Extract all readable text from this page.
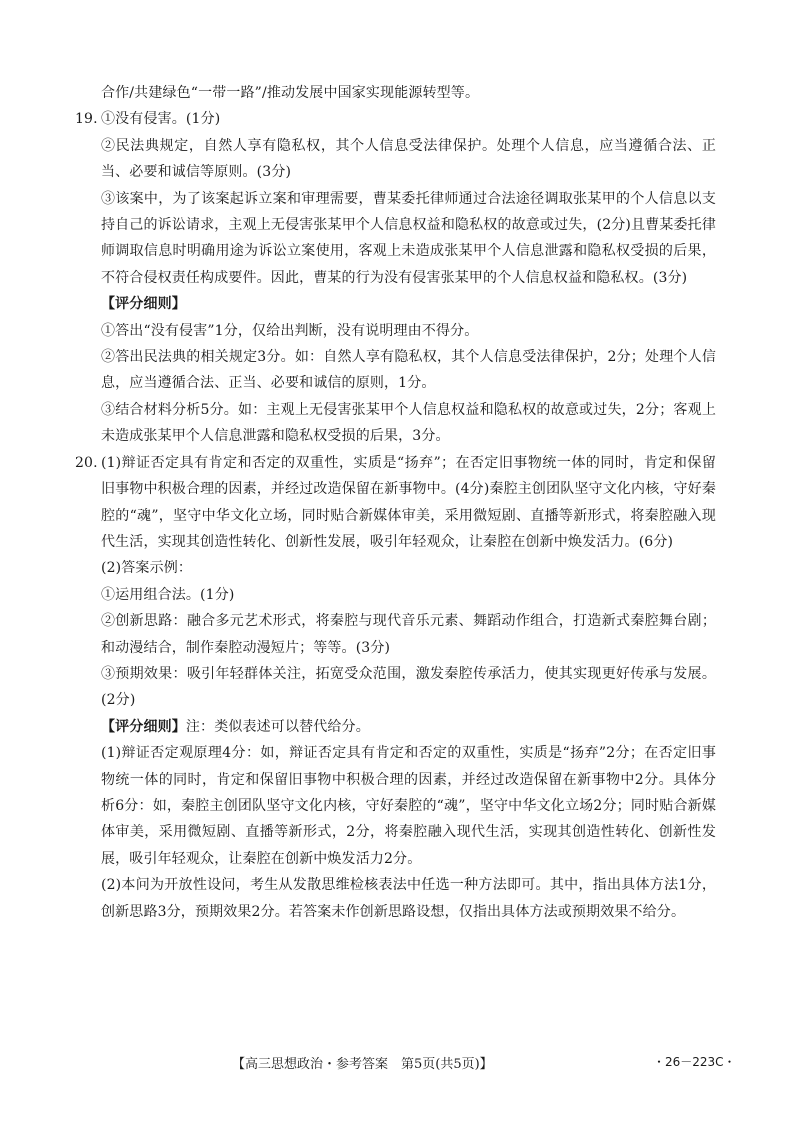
合作/共建绿色“一带一路”/推动发展中国家实现能源转型等。

19. ①没有侵害。(1分)

②民法典规定，自然人享有隐私权，其个人信息受法律保护。处理个人信息，应当遵循合法、正当、必要和诚信等原则。(3分)

③该案中，为了该案起诉立案和审理需要，曹某委托律师通过合法途径调取张某甲的个人信息以支持自己的诉讼请求，主观上无侵害张某甲个人信息权益和隐私权的故意或过失，(2分)且曹某委托律师调取信息时明确用途为诉讼立案使用，客观上未造成张某甲个人信息泄露和隐私权受损的后果，不符合侵权责任构成要件。因此，曹某的行为没有侵害张某甲的个人信息权益和隐私权。(3分)

【评分细则】

①答出“没有侵害”1分，仅给出判断，没有说明理由不得分。

②答出民法典的相关规定3分。如：自然人享有隐私权，其个人信息受法律保护，2分；处理个人信息，应当遵循合法、正当、必要和诚信的原则，1分。

③结合材料分析5分。如：主观上无侵害张某甲个人信息权益和隐私权的故意或过失，2分；客观上未造成张某甲个人信息泄露和隐私权受损的后果，3分。

20. (1)辩证否定具有肯定和否定的双重性，实质是“扬弃”；在否定旧事物统一体的同时，肯定和保留旧事物中积极合理的因素，并经过改造保留在新事物中。(4分)秦腔主创团队坚守文化内核，守好秦腔的“魂”，坚守中华文化立场，同时贴合新媒体审美，采用微短剧、直播等新形式，将秦腔融入现代生活，实现其创造性转化、创新性发展，吸引年轻观众，让秦腔在创新中焕发活力。(6分)

(2)答案示例：

①运用组合法。(1分)

②创新思路：融合多元艺术形式，将秦腔与现代音乐元素、舞蹈动作组合，打造新式秦腔舞台剧；和动漫结合，制作秦腔动漫短片；等等。(3分)

③预期效果：吸引年轻群体关注，拓宽受众范围，激发秦腔传承活力，使其实现更好传承与发展。(2分)

【评分细则】注：类似表述可以替代给分。

(1)辩证否定观原理4分：如，辩证否定具有肯定和否定的双重性，实质是“扬弃”2分；在否定旧事物统一体的同时，肯定和保留旧事物中积极合理的因素，并经过改造保留在新事物中2分。具体分析6分：如，秦腔主创团队坚守文化内核，守好秦腔的“魂”，坚守中华文化立场2分；同时贴合新媒体审美，采用微短剧、直播等新形式，2分，将秦腔融入现代生活，实现其创造性转化、创新性发展，吸引年轻观众，让秦腔在创新中焕发活力2分。

(2)本问为开放性设问，考生从发散思维检核表法中任选一种方法即可。其中，指出具体方法1分，创新思路3分，预期效果2分。若答案未作创新思路设想，仅指出具体方法或预期效果不给分。

【高三思想政治・参考答案　第5页(共5页)】	・26－223C・
